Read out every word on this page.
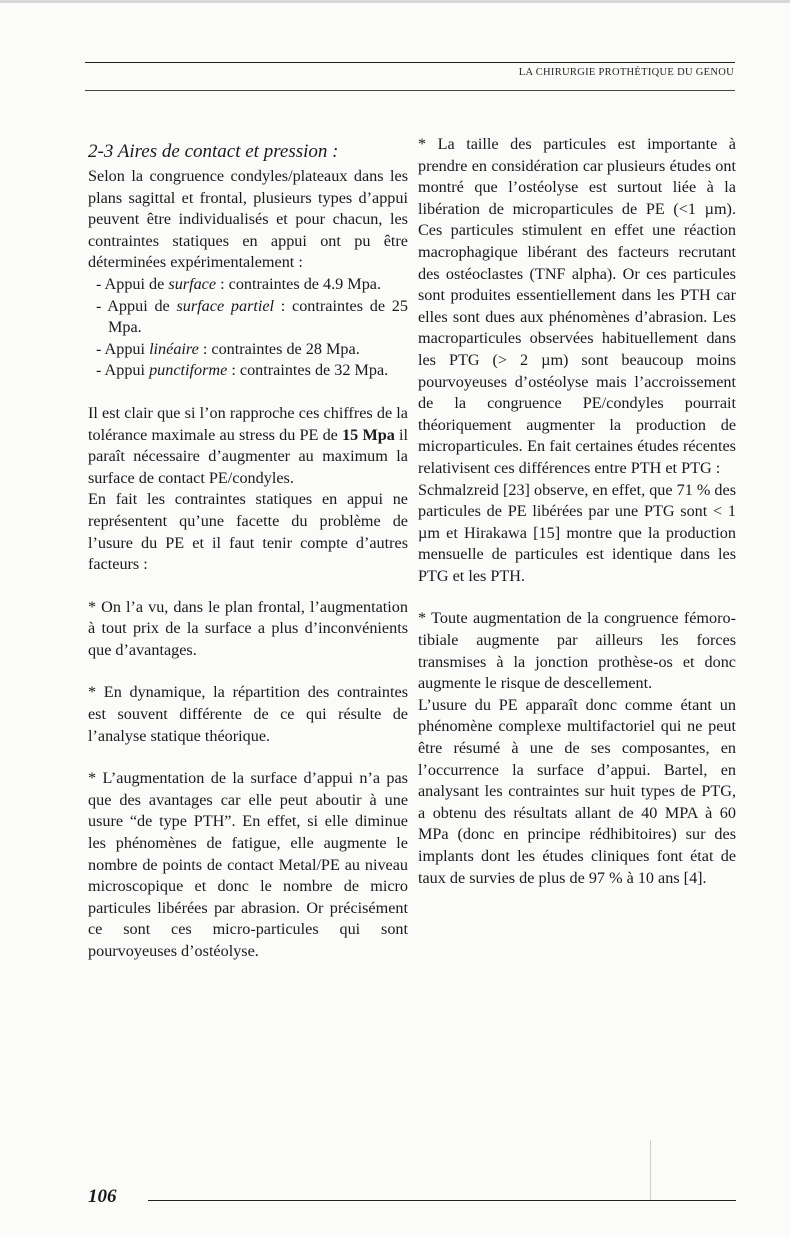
LA CHIRURGIE PROTHÉTIQUE DU GENOU
2-3 Aires de contact et pression :

Selon la congruence condyles/plateaux dans les plans sagittal et frontal, plusieurs types d’appui peuvent être individualisés et pour chacun, les contraintes statiques en appui ont pu être déterminées expérimentalement :

- Appui de surface : contraintes de 4.9 Mpa.
- Appui de surface partiel : contraintes de 25 Mpa.
- Appui linéaire : contraintes de 28 Mpa.
- Appui punctiforme : contraintes de 32 Mpa.

Il est clair que si l’on rapproche ces chiffres de la tolérance maximale au stress du PE de 15 Mpa il paraît nécessaire d’augmenter au maximum la surface de contact PE/condyles.

En fait les contraintes statiques en appui ne représentent qu’une facette du problème de l’usure du PE et il faut tenir compte d’autres facteurs :

* On l’a vu, dans le plan frontal, l’augmentation à tout prix de la surface a plus d’inconvénients que d’avantages.

* En dynamique, la répartition des contraintes est souvent différente de ce qui résulte de l’analyse statique théorique.

* L’augmentation de la surface d’appui n’a pas que des avantages car elle peut aboutir à une usure “de type PTH”. En effet, si elle diminue les phénomènes de fatigue, elle augmente le nombre de points de contact Metal/PE au niveau microscopique et donc le nombre de micro particules libérées par abrasion. Or précisément ce sont ces micro-particules qui sont pourvoyeuses d’ostéolyse.

* La taille des particules est importante à prendre en considération car plusieurs études ont montré que l’ostéolyse est surtout liée à la libération de microparticules de PE (<1 µm). Ces particules stimulent en effet une réaction macrophagique libérant des facteurs recrutant des ostéoclastes (TNF alpha). Or ces particules sont produites essentiellement dans les PTH car elles sont dues aux phénomènes d’abrasion. Les macroparticules observées habituellement dans les PTG (> 2 µm) sont beaucoup moins pourvoyeuses d’ostéolyse mais l’accroissement de la congruence PE/condyles pourrait théoriquement augmenter la production de microparticules. En fait certaines études récentes relativisent ces différences entre PTH et PTG :

Schmalzreid [23] observe, en effet, que 71 % des particules de PE libérées par une PTG sont < 1 µm et Hirakawa [15] montre que la production mensuelle de particules est identique dans les PTG et les PTH.

* Toute augmentation de la congruence fémoro-tibiale augmente par ailleurs les forces transmises à la jonction prothèse-os et donc augmente le risque de descellement.

L’usure du PE apparaît donc comme étant un phénomène complexe multifactoriel qui ne peut être résumé à une de ses composantes, en l’occurrence la surface d’appui. Bartel, en analysant les contraintes sur huit types de PTG, a obtenu des résultats allant de 40 MPA à 60 MPa (donc en principe rédhibitoires) sur des implants dont les études cliniques font état de taux de survies de plus de 97 % à 10 ans [4].

106
